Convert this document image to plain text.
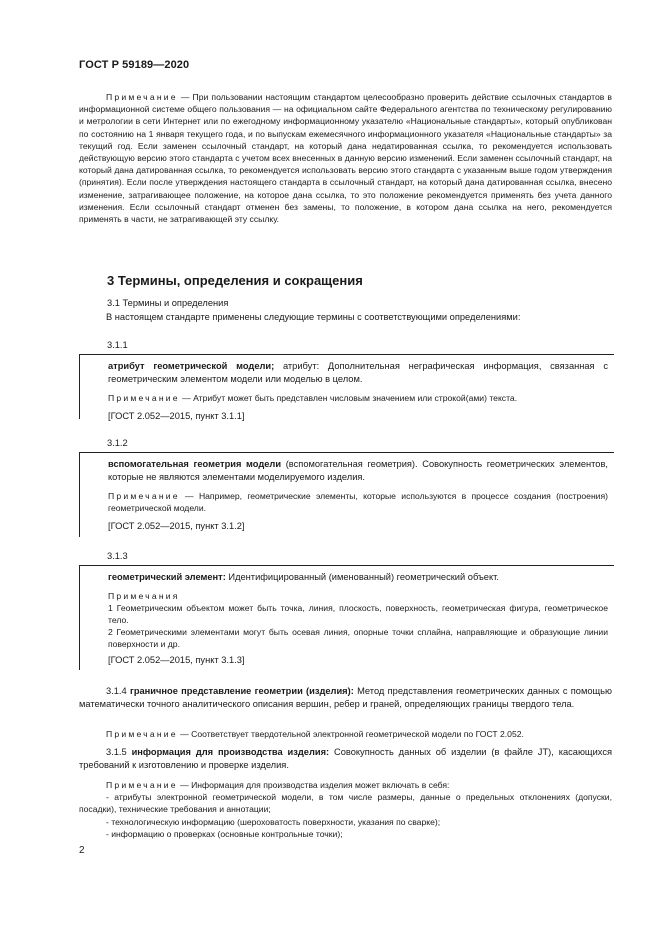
ГОСТ Р 59189—2020
Примечание — При пользовании настоящим стандартом целесообразно проверить действие ссылочных стандартов в информационной системе общего пользования — на официальном сайте Федерального агентства по техническому регулированию и метрологии в сети Интернет или по ежегодному информационному указателю «Национальные стандарты», который опубликован по состоянию на 1 января текущего года, и по выпускам ежемесячного информационного указателя «Национальные стандарты» за текущий год. Если заменен ссылочный стандарт, на который дана недатированная ссылка, то рекомендуется использовать действующую версию этого стандарта с учетом всех внесенных в данную версию изменений. Если заменен ссылочный стандарт, на который дана датированная ссылка, то рекомендуется использовать версию этого стандарта с указанным выше годом утверждения (принятия). Если после утверждения настоящего стандарта в ссылочный стандарт, на который дана датированная ссылка, внесено изменение, затрагивающее положение, на которое дана ссылка, то это положение рекомендуется применять без учета данного изменения. Если ссылочный стандарт отменен без замены, то положение, в котором дана ссылка на него, рекомендуется применять в части, не затрагивающей эту ссылку.
3 Термины, определения и сокращения
3.1 Термины и определения
В настоящем стандарте применены следующие термины с соответствующими определениями:
3.1.1

атрибут геометрической модели; атрибут: Дополнительная неграфическая информация, связанная с геометрическим элементом модели или моделью в целом.

Примечание — Атрибут может быть представлен числовым значением или строкой(ами) текста.

[ГОСТ 2.052—2015, пункт 3.1.1]
3.1.2

вспомогательная геометрия модели (вспомогательная геометрия). Совокупность геометрических элементов, которые не являются элементами моделируемого изделия.

Примечание — Например, геометрические элементы, которые используются в процессе создания (построения) геометрической модели.

[ГОСТ 2.052—2015, пункт 3.1.2]
3.1.3

геометрический элемент: Идентифицированный (именованный) геометрический объект.

Примечания
1 Геометрическим объектом может быть точка, линия, плоскость, поверхность, геометрическая фигура, геометрическое тело.
2 Геометрическими элементами могут быть осевая линия, опорные точки сплайна, направляющие и образующие линии поверхности и др.
[ГОСТ 2.052—2015, пункт 3.1.3]
3.1.4 граничное представление геометрии (изделия): Метод представления геометрических данных с помощью математически точного аналитического описания вершин, ребер и граней, определяющих границы твердого тела.
Примечание — Соответствует твердотельной электронной геометрической модели по ГОСТ 2.052.
3.1.5 информация для производства изделия: Совокупность данных об изделии (в файле JT), касающихся требований к изготовлению и проверке изделия.
Примечание — Информация для производства изделия может включать в себя:
- атрибуты электронной геометрической модели, в том числе размеры, данные о предельных отклонениях (допуски, посадки), технические требования и аннотации;
- технологическую информацию (шероховатость поверхности, указания по сварке);
- информацию о проверках (основные контрольные точки);
2
